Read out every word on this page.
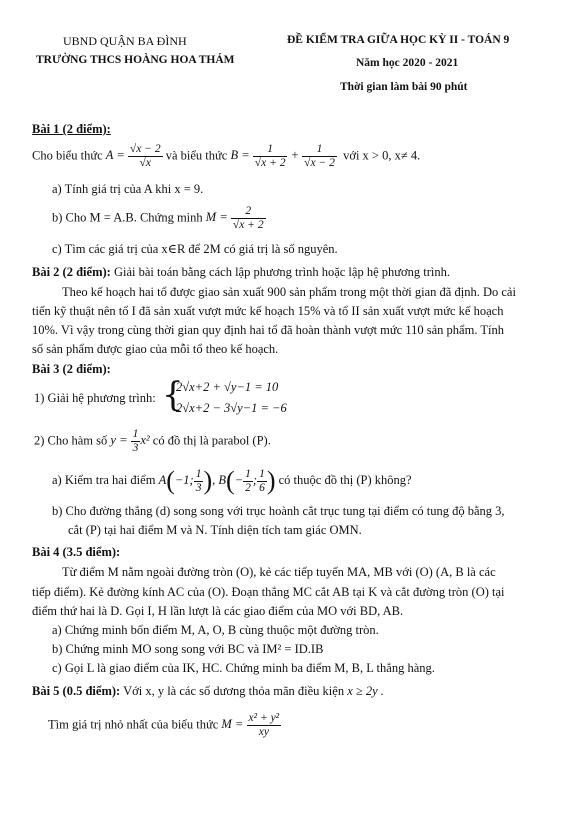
UBND QUẬN BA ĐÌNH
TRƯỜNG THCS HOÀNG HOA THÁM
ĐỀ KIỂM TRA GIỮA HỌC KỲ II - TOÁN 9
Năm học 2020 - 2021
Thời gian làm bài 90 phút
Bài 1 (2 điểm):
Cho biểu thức $A = \frac{√x - 2}{√x}$ và biểu thức $B = \frac{1}{√x + 2} + \frac{1}{√x - 2}$ với x > 0, x≠ 4.
a) Tính giá trị của A khi x = 9.
b) Cho M = A.B. Chứng minh $M = \frac{2}{√x + 2}$
c) Tìm các giá trị của x∈R để 2M có giá trị là số nguyên.
Bài 2 (2 điểm): Giải bài toán bằng cách lập phương trình hoặc lập hệ phương trình.
Theo kế hoạch hai tổ được giao sản xuất 900 sản phẩm trong một thời gian đã định. Do cải
tiến kỹ thuật nên tổ I đã sản xuất vượt mức kế hoạch 15% và tổ II sản xuất vượt mức kế hoạch
10%. Vì vậy trong cùng thời gian quy định hai tổ đã hoàn thành vượt mức 110 sản phẩm. Tính
số sản phẩm được giao của mỗi tổ theo kế hoạch.
Bài 3 (2 điểm):
1) Giải hệ phương trình: {
2√x+2 + √y−1 = 10
2√x+2 − 3√y−1 = −6
2) Cho hàm số $y = \frac{1}{3} x^2$ có đồ thị là parabol (P).
a) Kiểm tra hai điểm A(−1; $\frac{1}{3}$ ), $B(- \frac{1}{2}$ ; $\frac{1}{6}$ ) có thuộc đồ thị (P) không?
b) Cho đường thẳng (d) song song với trục hoành cắt trục tung tại điểm có tung độ bằng 3,
cắt (P) tại hai điểm M và N. Tính diện tích tam giác OMN.
Bài 4 (3.5 điểm):
Từ điểm M nằm ngoài đường tròn (O), kẻ các tiếp tuyến MA, MB với (O) (A, B là các
tiếp điểm). Kẻ đường kính AC của (O). Đoạn thẳng MC cắt AB tại K và cắt đường tròn (O) tại
điểm thứ hai là D. Gọi I, H lần lượt là các giao điểm của MO với BD, AB.
a) Chứng minh bốn điểm M, A, O, B cùng thuộc một đường tròn.
b) Chứng minh MO song song với BC và IM² = ID.IB
c) Gọi L là giao điểm của IK, HC. Chứng minh ba điểm M, B, L thẳng hàng.
Bài 5 (0.5 điểm): Với x, y là các số dương thỏa mãn điều kiện x ≥ 2y .
Tìm giá trị nhỏ nhất của biểu thức $M = \frac{\text{x² + y²}}{xy}$
